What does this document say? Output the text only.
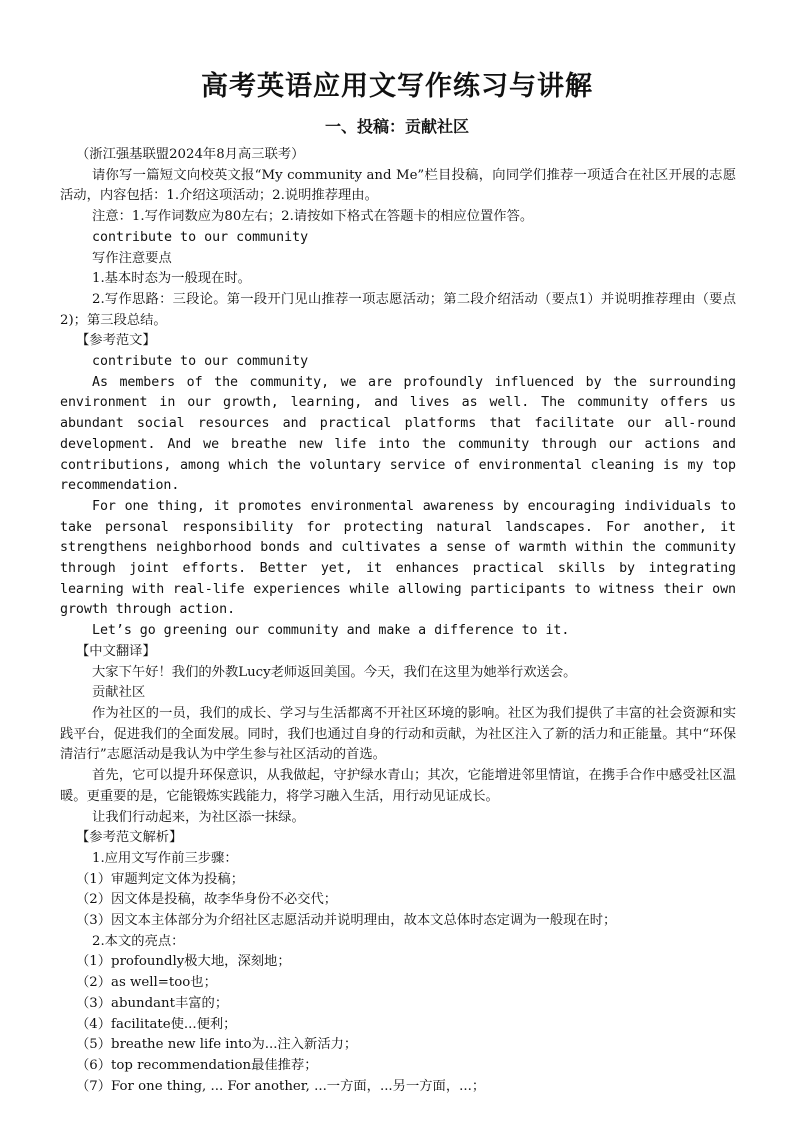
高考英语应用文写作练习与讲解
一、投稿：贡献社区

（浙江强基联盟2024年8月高三联考）

请你写一篇短文向校英文报“My community and Me”栏目投稿，向同学们推荐一项适合在社区开展的志愿活动，内容包括：1.介绍这项活动；2.说明推荐理由。

注意：1.写作词数应为80左右；2.请按如下格式在答题卡的相应位置作答。

contribute to our community

写作注意要点

1.基本时态为一般现在时。

2.写作思路：三段论。第一段开门见山推荐一项志愿活动；第二段介绍活动（要点1）并说明推荐理由（要点2)；第三段总结。

【参考范文】

contribute to our community

As members of the community, we are profoundly influenced by the surrounding environment in our growth, learning, and lives as well. The community offers us abundant social resources and practical platforms that facilitate our all-round development. And we breathe new life into the community through our actions and contributions, among which the voluntary service of environmental cleaning is my top recommendation.

For one thing, it promotes environmental awareness by encouraging individuals to take personal responsibility for protecting natural landscapes. For another, it strengthens neighborhood bonds and cultivates a sense of warmth within the community through joint efforts. Better yet, it enhances practical skills by integrating learning with real-life experiences while allowing participants to witness their own growth through action.

Let’s go greening our community and make a difference to it.

【中文翻译】

大家下午好！我们的外教Lucy老师返回美国。今天，我们在这里为她举行欢送会。

贡献社区

作为社区的一员，我们的成长、学习与生活都离不开社区环境的影响。社区为我们提供了丰富的社会资源和实践平台，促进我们的全面发展。同时，我们也通过自身的行动和贡献，为社区注入了新的活力和正能量。其中“环保清洁行”志愿活动是我认为中学生参与社区活动的首选。

首先，它可以提升环保意识，从我做起，守护绿水青山；其次，它能增进邻里情谊，在携手合作中感受社区温暖。更重要的是，它能锻炼实践能力，将学习融入生活，用行动见证成长。

让我们行动起来，为社区添一抹绿。

【参考范文解析】

1.应用文写作前三步骤：

（1）审题判定文体为投稿；

（2）因文体是投稿，故李华身份不必交代；

（3）因文本主体部分为介绍社区志愿活动并说明理由，故本文总体时态定调为一般现在时；

2.本文的亮点：

（1）profoundly极大地，深刻地；

（2）as well=too也；

（3）abundant丰富的；

（4）facilitate使...便利；

（5）breathe new life into为...注入新活力；

（6）top recommendation最佳推荐；

（7）For one thing, ... For another, ...一方面，...另一方面，...；
